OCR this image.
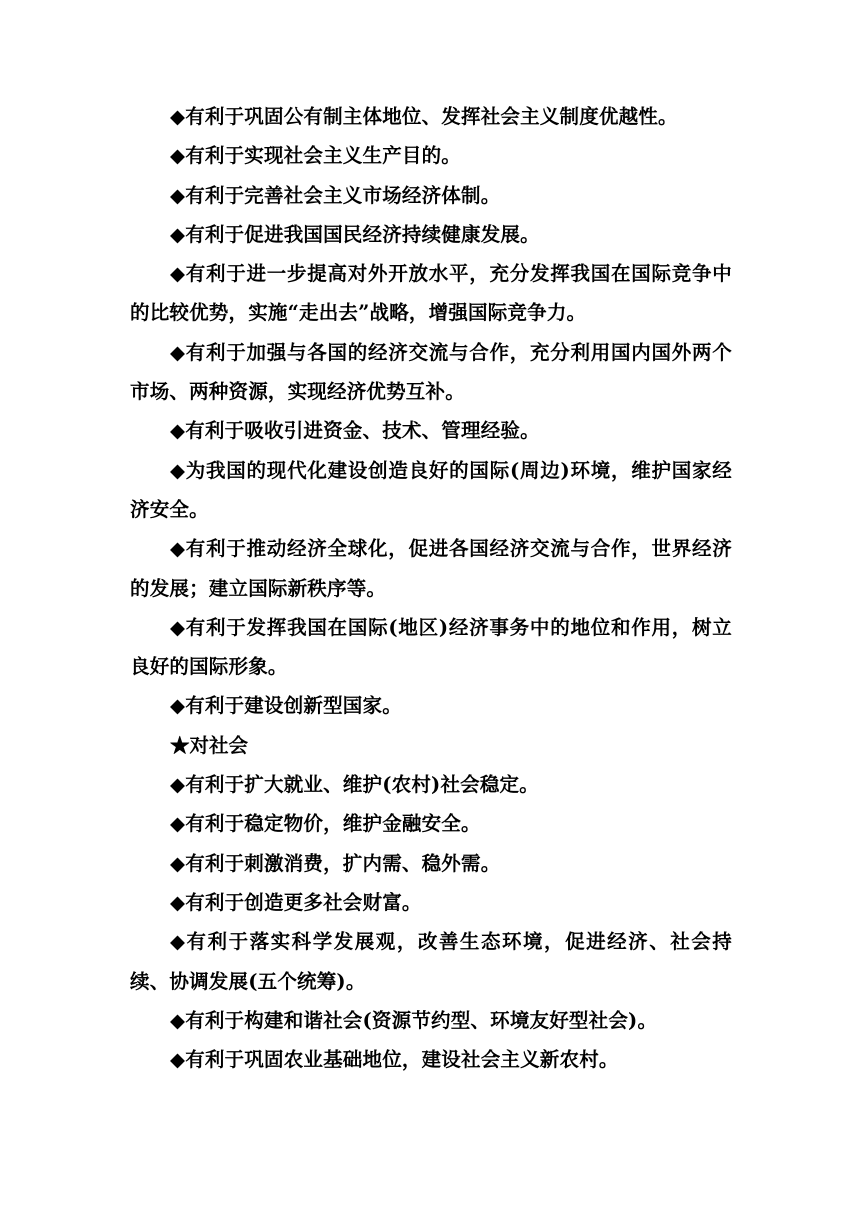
◆有利于巩固公有制主体地位、发挥社会主义制度优越性。

◆有利于实现社会主义生产目的。

◆有利于完善社会主义市场经济体制。

◆有利于促进我国国民经济持续健康发展。

◆有利于进一步提高对外开放水平，充分发挥我国在国际竞争中的比较优势，实施“走出去”战略，增强国际竞争力。

◆有利于加强与各国的经济交流与合作，充分利用国内国外两个市场、两种资源，实现经济优势互补。

◆有利于吸收引进资金、技术、管理经验。

◆为我国的现代化建设创造良好的国际(周边)环境，维护国家经济安全。

◆有利于推动经济全球化，促进各国经济交流与合作，世界经济的发展；建立国际新秩序等。

◆有利于发挥我国在国际(地区)经济事务中的地位和作用，树立良好的国际形象。

◆有利于建设创新型国家。

★对社会

◆有利于扩大就业、维护(农村)社会稳定。

◆有利于稳定物价，维护金融安全。

◆有利于刺激消费，扩内需、稳外需。

◆有利于创造更多社会财富。

◆有利于落实科学发展观，改善生态环境，促进经济、社会持续、协调发展(五个统筹)。

◆有利于构建和谐社会(资源节约型、环境友好型社会)。

◆有利于巩固农业基础地位，建设社会主义新农村。
